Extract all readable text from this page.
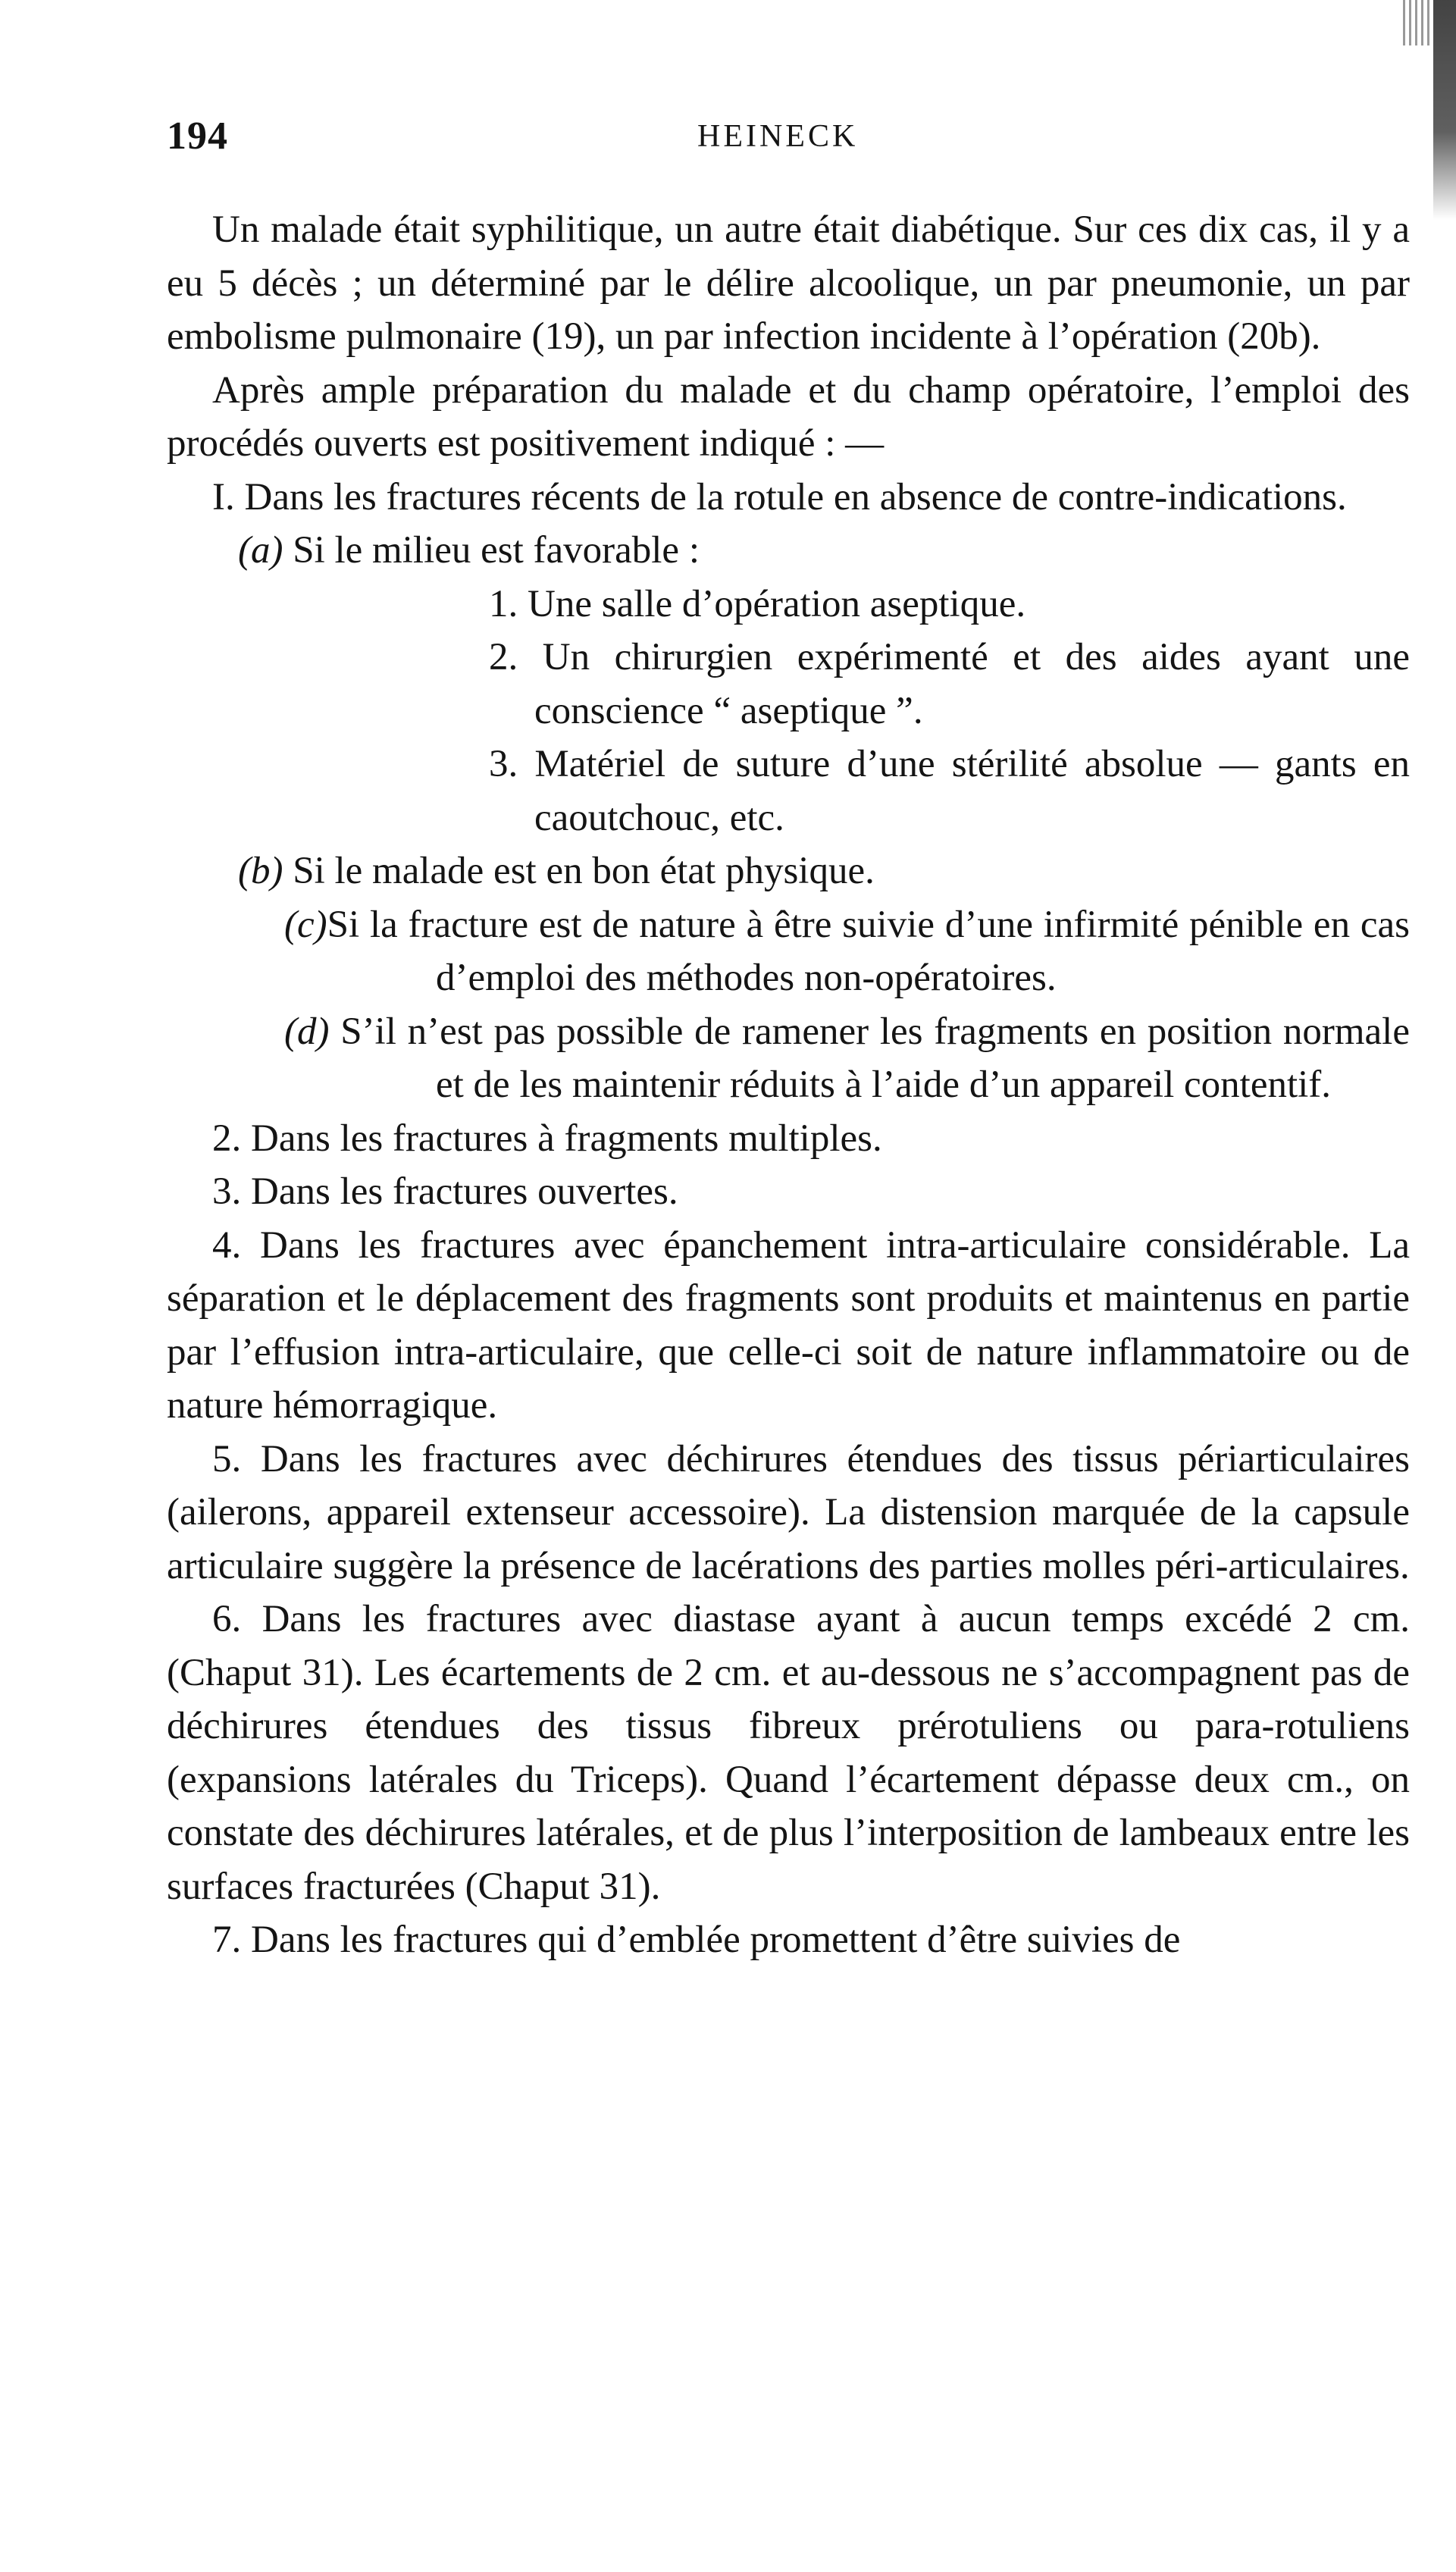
194	HEINECK

Un malade était syphilitique, un autre était diabétique. Sur ces dix cas, il y a eu 5 décès ; un déterminé par le délire alcoolique, un par pneumonie, un par embolisme pulmonaire (19), un par infection incidente à l’opération (20b).

Après ample préparation du malade et du champ opératoire, l’emploi des procédés ouverts est positivement indiqué : —

I. Dans les fractures récents de la rotule en absence de contre-indications.

(a) Si le milieu est favorable :

1. Une salle d’opération aseptique.

2. Un chirurgien expérimenté et des aides ayant une conscience “ aseptique ”.

3. Matériel de suture d’une stérilité absolue — gants en caoutchouc, etc.

(b) Si le malade est en bon état physique.

(c)Si la fracture est de nature à être suivie d’une infirmité pénible en cas d’emploi des méthodes non-opératoires.

(d) S’il n’est pas possible de ramener les fragments en position normale et de les maintenir réduits à l’aide d’un appareil contentif.

2. Dans les fractures à fragments multiples.

3. Dans les fractures ouvertes.

4. Dans les fractures avec épanchement intra-articulaire considérable. La séparation et le déplacement des fragments sont produits et maintenus en partie par l’effusion intra-articulaire, que celle-ci soit de nature inflammatoire ou de nature hémorragique.

5. Dans les fractures avec déchirures étendues des tissus périarticulaires (ailerons, appareil extenseur accessoire). La distension marquée de la capsule articulaire suggère la présence de lacérations des parties molles péri-articulaires.

6. Dans les fractures avec diastase ayant à aucun temps excédé 2 cm. (Chaput 31). Les écartements de 2 cm. et au-dessous ne s’accompagnent pas de déchirures étendues des tissus fibreux prérotuliens ou para-rotuliens (expansions latérales du Triceps). Quand l’écartement dépasse deux cm., on constate des déchirures latérales, et de plus l’interposition de lambeaux entre les surfaces fracturées (Chaput 31).

7. Dans les fractures qui d’emblée promettent d’être suivies de
